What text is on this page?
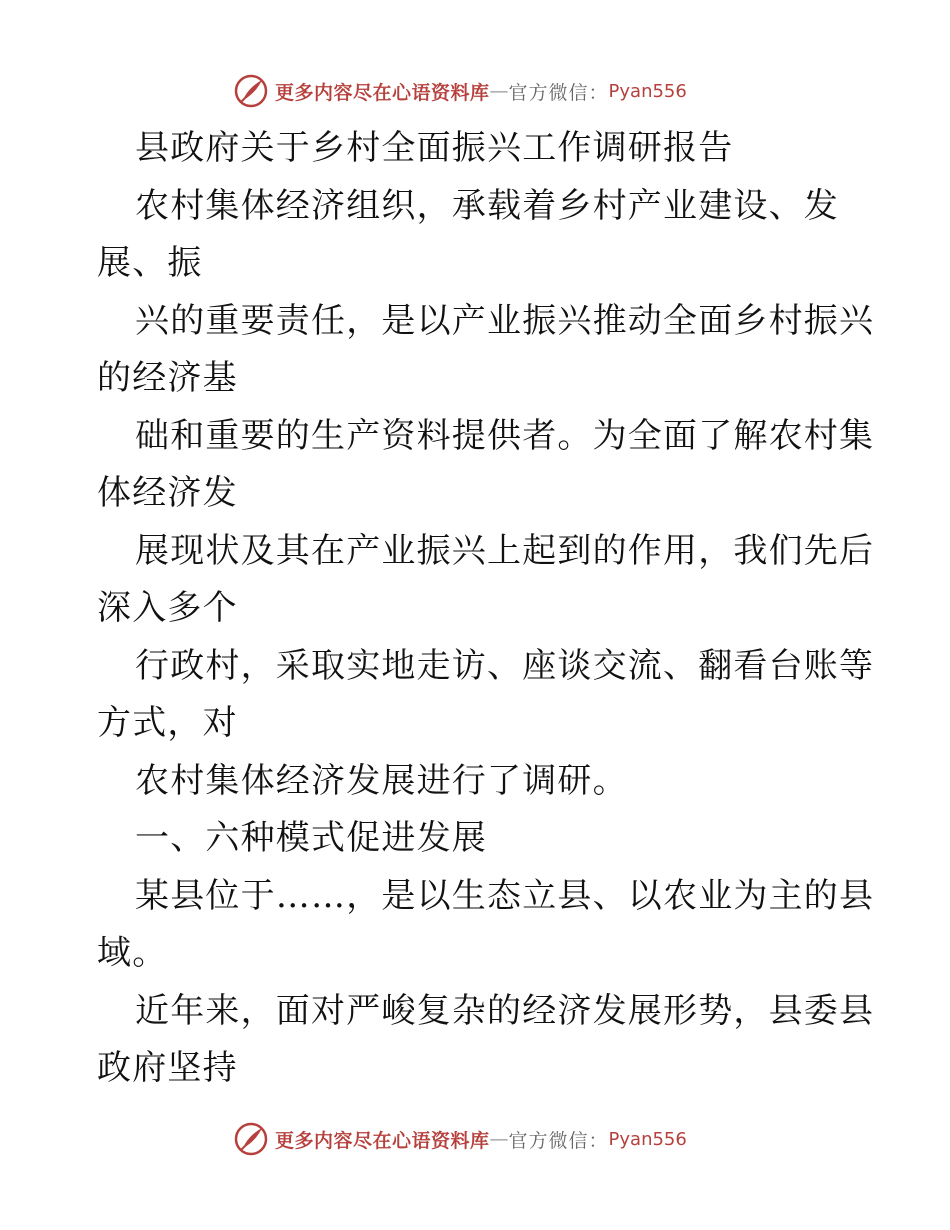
更多内容尽在心语资料库 — 官方微信： Pyan556
县政府关于乡村全面振兴工作调研报告
农村集体经济组织，承载着乡村产业建设、发
展、振
兴的重要责任，是以产业振兴推动全面乡村振兴
的经济基
础和重要的生产资料提供者。为全面了解农村集
体经济发
展现状及其在产业振兴上起到的作用，我们先后
深入多个
行政村，采取实地走访、座谈交流、翻看台账等
方式，对
农村集体经济发展进行了调研。
一、六种模式促进发展
某县位于……，是以生态立县、以农业为主的县
域。
近年来，面对严峻复杂的经济发展形势，县委县
政府坚持
更多内容尽在心语资料库 — 官方微信： Pyan556
